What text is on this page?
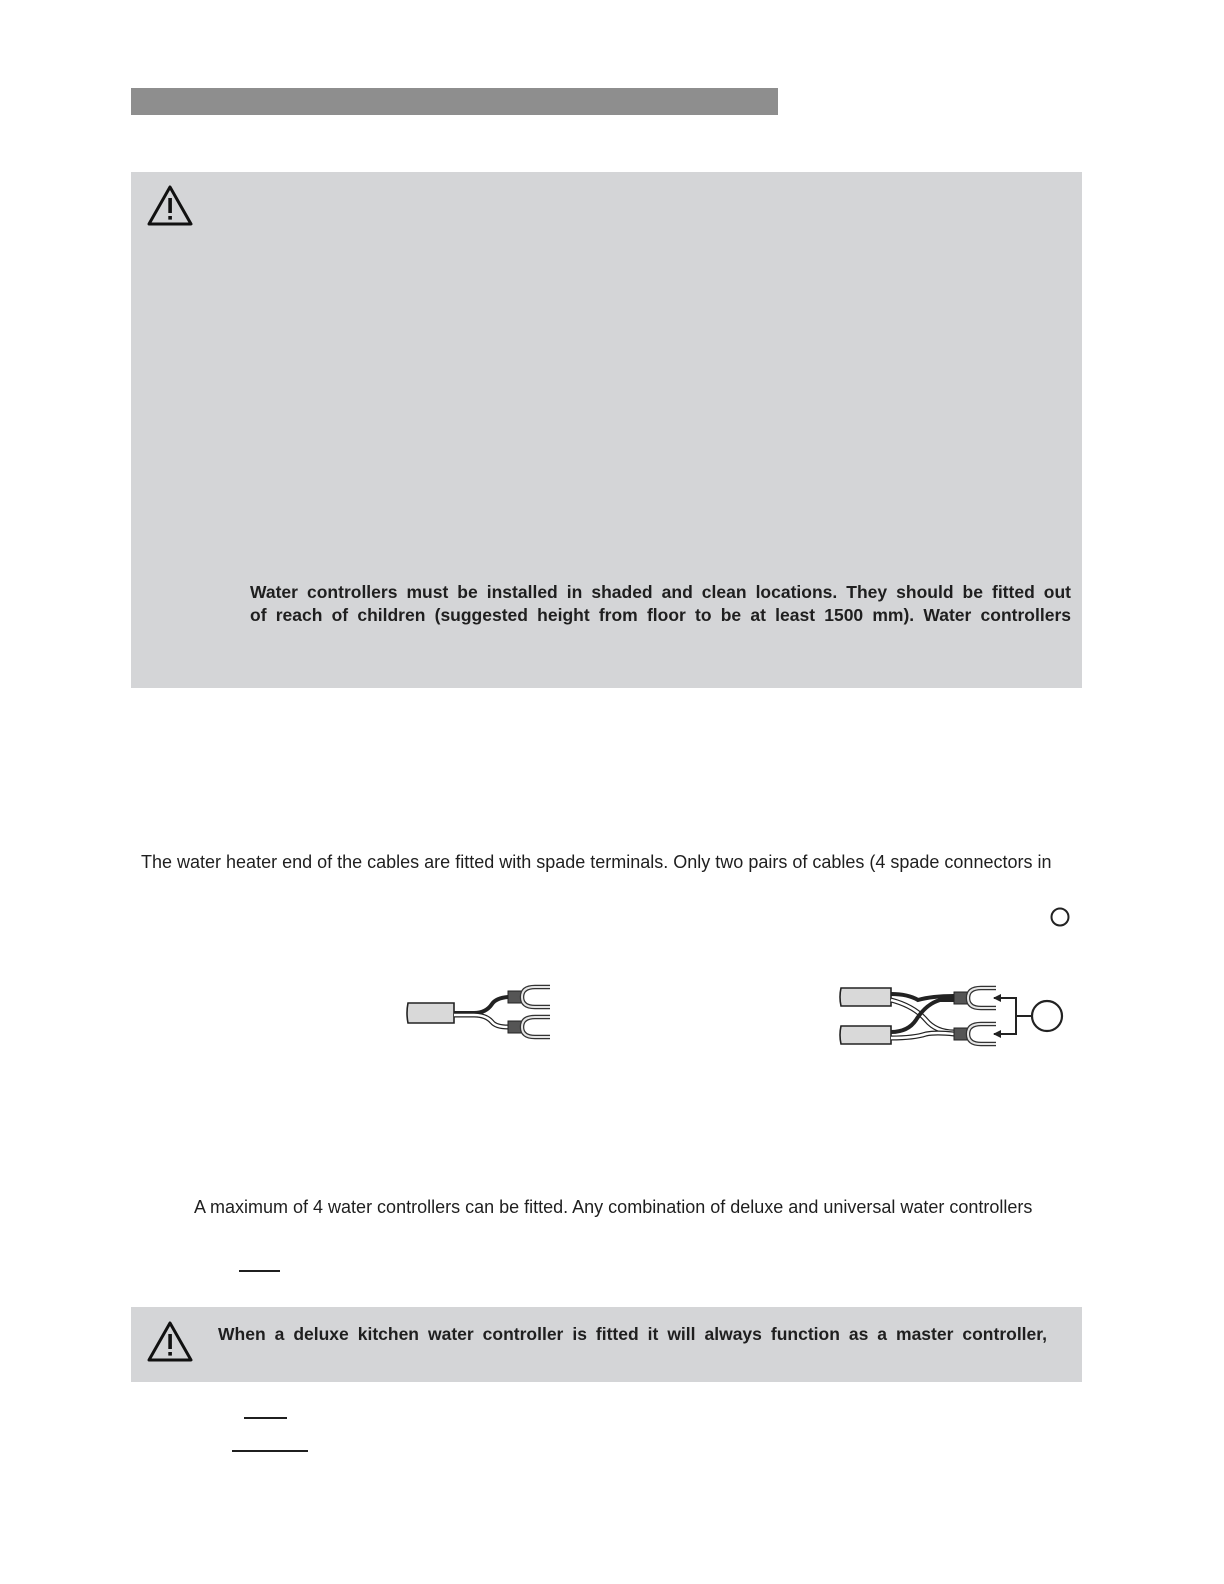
Water controllers must be installed in shaded and clean locations. They should be fitted out
of reach of children (suggested height from floor to be at least 1500 mm). Water controllers
The water heater end of the cables are fitted with spade terminals. Only two pairs of cables (4 spade connectors in
A maximum of 4 water controllers can be fitted. Any combination of deluxe and universal water controllers
When a deluxe kitchen water controller is fitted it will always function as a master controller,
